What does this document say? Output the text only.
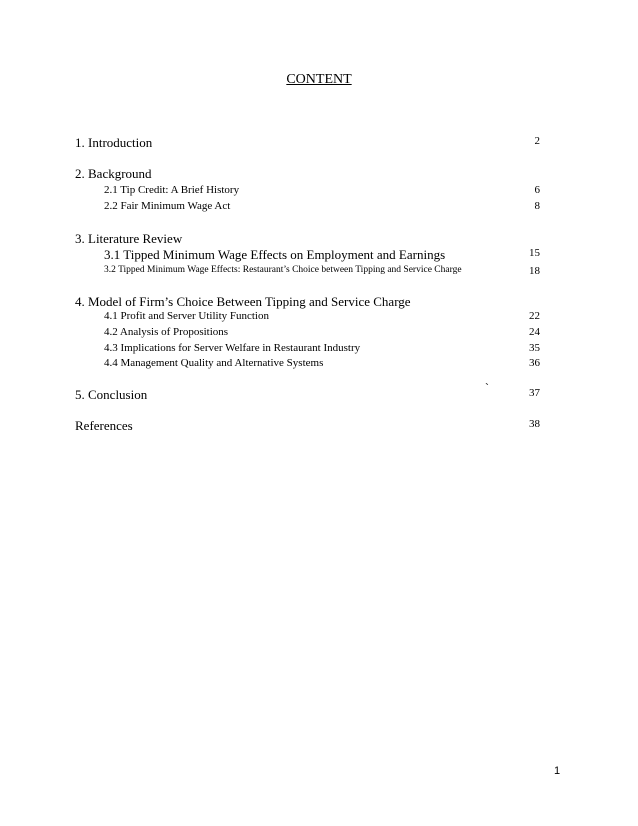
CONTENT
1. Introduction	2
2. Background
2.1 Tip Credit: A Brief History	6
2.2 Fair Minimum Wage Act	8
3. Literature Review
3.1 Tipped Minimum Wage Effects on Employment and Earnings	15
3.2 Tipped Minimum Wage Effects: Restaurant’s Choice between Tipping and Service Charge	18
4. Model of Firm’s Choice Between Tipping and Service Charge
4.1 Profit and Server Utility Function	22
4.2 Analysis of Propositions	24
4.3 Implications for Server Welfare in Restaurant Industry	35
4.4 Management Quality and Alternative Systems	36
5. Conclusion	37
`
References	38
1
